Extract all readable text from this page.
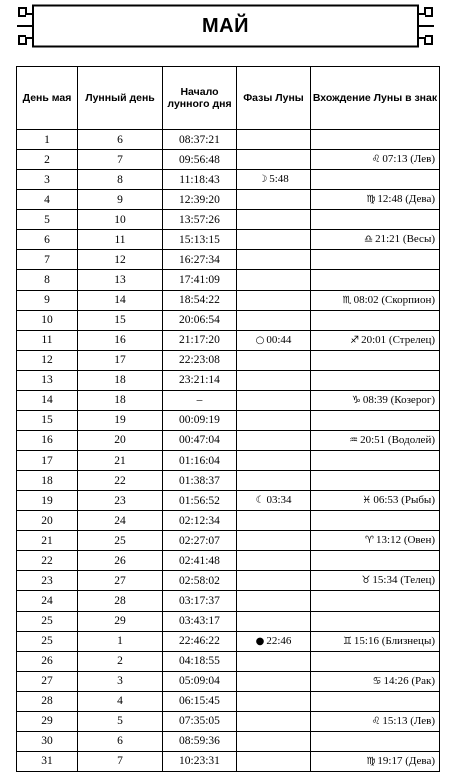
МАЙ
День мая	Лунный день	Начало лунного дня	Фазы Луны	Вхождение Луны в знак
1	6	08:37:21		
2	7	09:56:48		♌ 07:13 (Лев)
3	8	11:18:43	☽ 5:48	
4	9	12:39:20		♍ 12:48 (Дева)
5	10	13:57:26		
6	11	15:13:15		♎ 21:21 (Весы)
7	12	16:27:34		
8	13	17:41:09		
9	14	18:54:22		♏ 08:02 (Скорпион)
10	15	20:06:54		
11	16	21:17:20	○ 00:44	♐ 20:01 (Стрелец)
12	17	22:23:08		
13	18	23:21:14		
14	18	–		♑ 08:39 (Козерог)
15	19	00:09:19		
16	20	00:47:04		♒ 20:51 (Водолей)
17	21	01:16:04		
18	22	01:38:37		
19	23	01:56:52	☾ 03:34	♓ 06:53 (Рыбы)
20	24	02:12:34		
21	25	02:27:07		♈ 13:12 (Овен)
22	26	02:41:48		
23	27	02:58:02		♉ 15:34 (Телец)
24	28	03:17:37		
25	29	03:43:17		
25	1	22:46:22	● 22:46	♊ 15:16 (Близнецы)
26	2	04:18:55		
27	3	05:09:04		♋ 14:26 (Рак)
28	4	06:15:45		
29	5	07:35:05		♌ 15:13 (Лев)
30	6	08:59:36		
31	7	10:23:31		♍ 19:17 (Дева)
